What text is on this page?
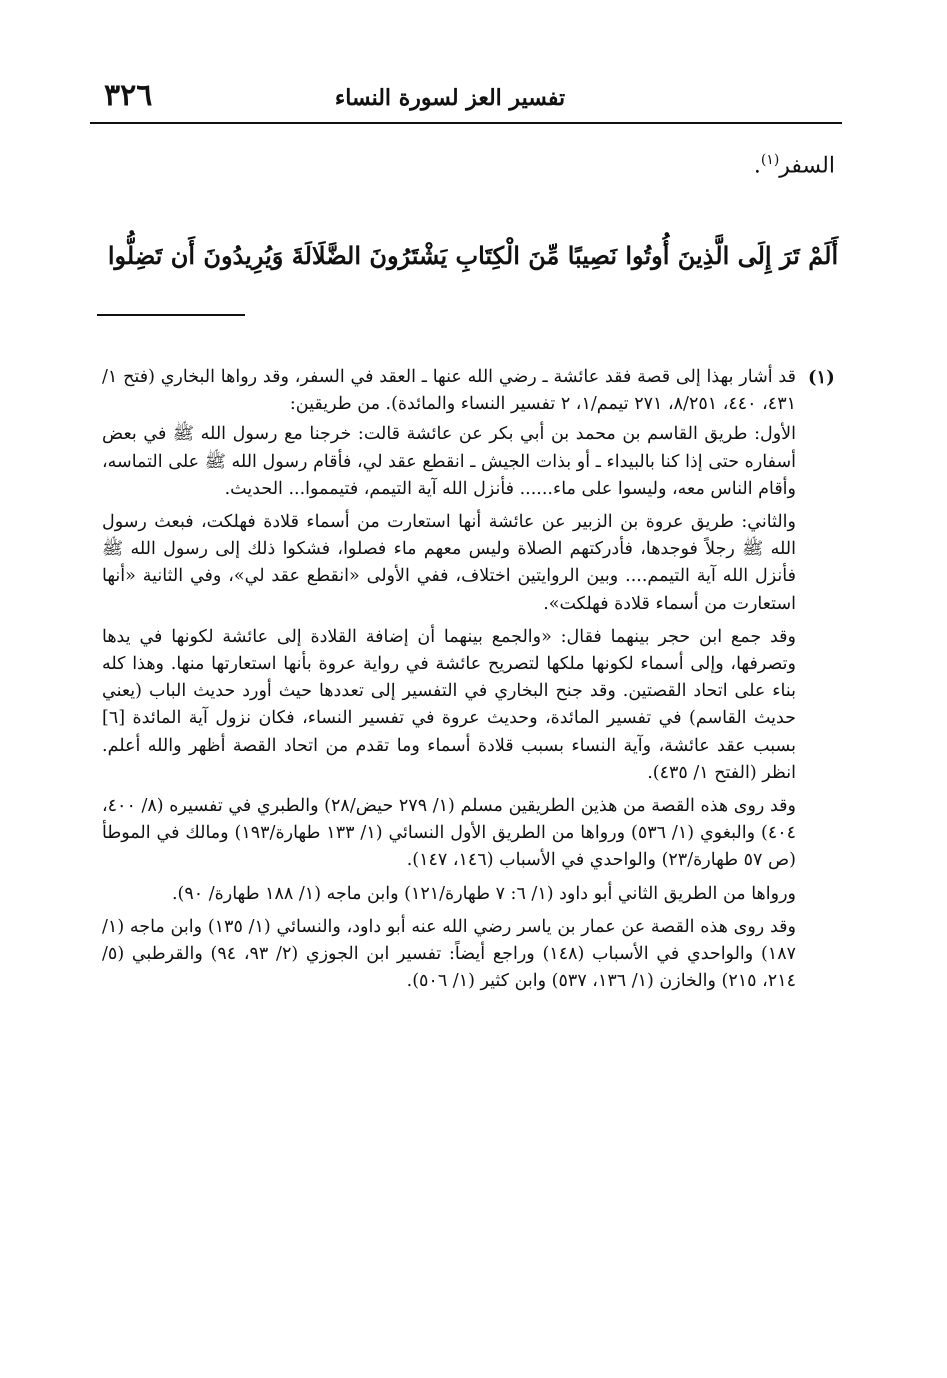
٣٢٦	تفسير العز لسورة النساء

السفر$^{(١)}$.

أَلَمْ تَرَ إِلَى الَّذِينَ أُوتُوا نَصِيبًا مِّنَ الْكِتَابِ يَشْتَرُونَ الضَّلَالَةَ وَيُرِيدُونَ أَن تَضِلُّوا
(١)

قد أشار بهذا إلى قصة فقد عائشة ـ رضي الله عنها ـ العقد في السفر، وقد رواها البخاري (فتح ١/ ٤٣١، ٤٤٠، ٨/٢٥١، ٢٧١ تيمم/١، ٢ تفسير النساء والمائدة). من طريقين:

الأول: طريق القاسم بن محمد بن أبي بكر عن عائشة قالت: خرجنا مع رسول الله ﷺ في بعض أسفاره حتى إذا كنا بالبيداء ـ أو بذات الجيش ـ انقطع عقد لي، فأقام رسول الله ﷺ على التماسه، وأقام الناس معه، وليسوا على ماء...... فأنزل الله آية التيمم، فتيمموا... الحديث.

والثاني: طريق عروة بن الزبير عن عائشة أنها استعارت من أسماء قلادة فهلكت، فبعث رسول الله ﷺ رجلاً فوجدها، فأدركتهم الصلاة وليس معهم ماء فصلوا، فشكوا ذلك إلى رسول الله ﷺ فأنزل الله آية التيمم.... وبين الروايتين اختلاف، ففي الأولى «انقطع عقد لي»، وفي الثانية «أنها استعارت من أسماء قلادة فهلكت».

وقد جمع ابن حجر بينهما فقال: «والجمع بينهما أن إضافة القلادة إلى عائشة لكونها في يدها وتصرفها، وإلى أسماء لكونها ملكها لتصريح عائشة في رواية عروة بأنها استعارتها منها. وهذا كله بناء على اتحاد القصتين. وقد جنح البخاري في التفسير إلى تعددها حيث أورد حديث الباب (يعني حديث القاسم) في تفسير المائدة، وحديث عروة في تفسير النساء، فكان نزول آية المائدة [٦] بسبب عقد عائشة، وآية النساء بسبب قلادة أسماء وما تقدم من اتحاد القصة أظهر والله أعلم. انظر (الفتح ١/ ٤٣٥).

وقد روى هذه القصة من هذين الطريقين مسلم (١/ ٢٧٩ حيض/٢٨) والطبري في تفسيره (٨/ ٤٠٠، ٤٠٤) والبغوي (١/ ٥٣٦) ورواها من الطريق الأول النسائي (١/ ١٣٣ طهارة/١٩٣) ومالك في الموطأ (ص ٥٧ طهارة/٢٣) والواحدي في الأسباب (١٤٦، ١٤٧).

ورواها من الطريق الثاني أبو داود (١/ ٦: ٧ طهارة/١٢١) وابن ماجه (١/ ١٨٨ طهارة/ ٩٠).

وقد روى هذه القصة عن عمار بن ياسر رضي الله عنه أبو داود، والنسائي (١/ ١٣٥) وابن ماجه (١/ ١٨٧) والواحدي في الأسباب (١٤٨) وراجع أيضاً: تفسير ابن الجوزي (٢/ ٩٣، ٩٤) والقرطبي (٥/ ٢١٤، ٢١٥) والخازن (١/ ١٣٦، ٥٣٧) وابن كثير (١/ ٥٠٦).
